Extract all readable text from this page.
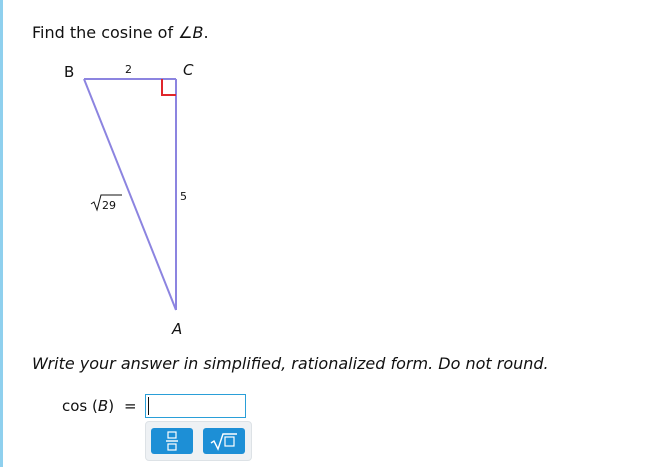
Find the cosine of ∠B.
B	C
A
2
5
29
Write your answer in simplified, rationalized form. Do not round.
cos (B) =
